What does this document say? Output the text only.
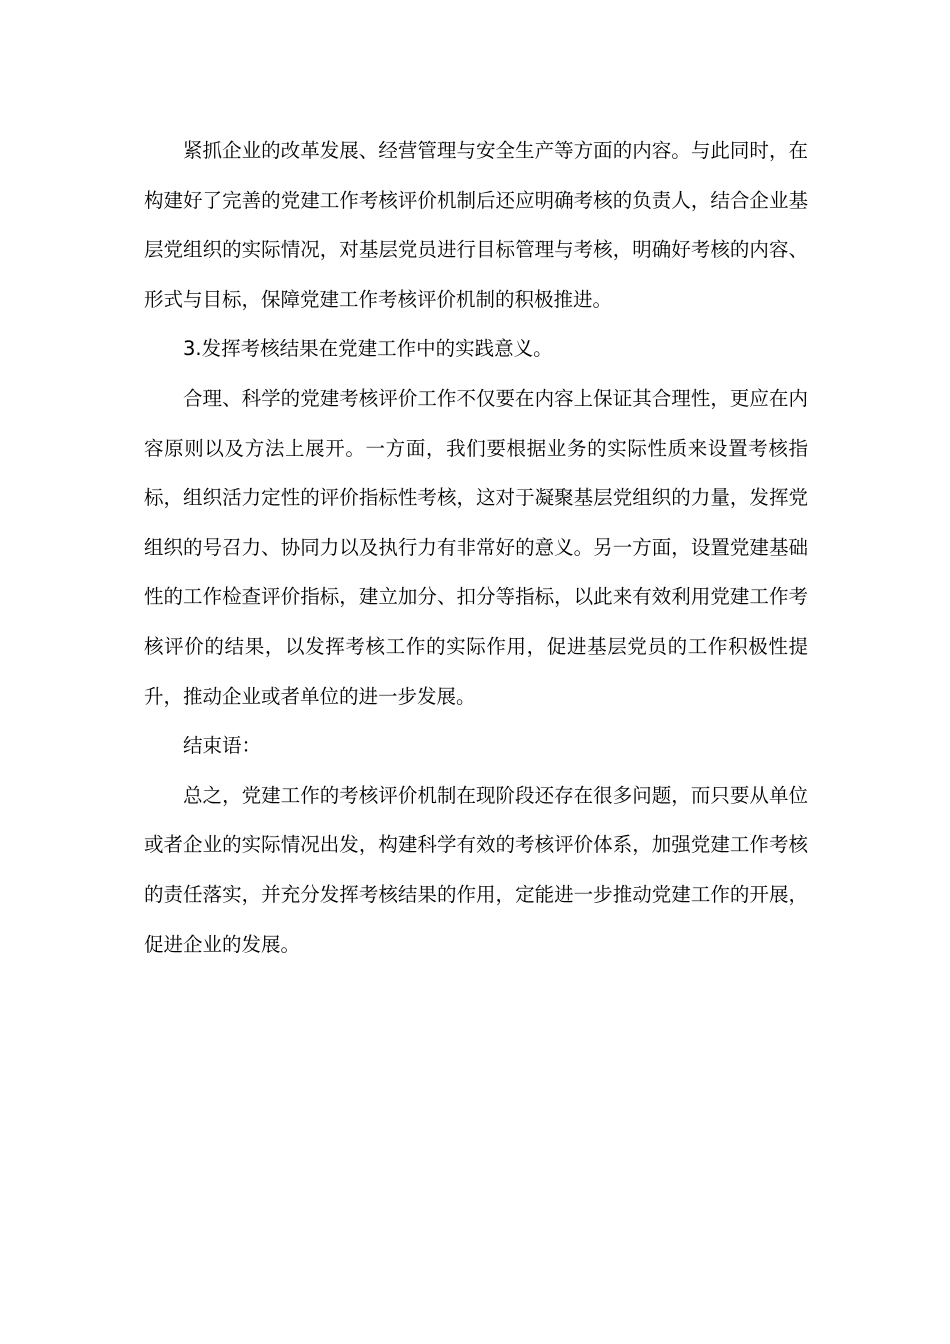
紧抓企业的改革发展、经营管理与安全生产等方面的内容。与此同时，在构建好了完善的党建工作考核评价机制后还应明确考核的负责人，结合企业基层党组织的实际情况，对基层党员进行目标管理与考核，明确好考核的内容、形式与目标，保障党建工作考核评价机制的积极推进。

3.发挥考核结果在党建工作中的实践意义。

合理、科学的党建考核评价工作不仅要在内容上保证其合理性，更应在内容原则以及方法上展开。一方面，我们要根据业务的实际性质来设置考核指标，组织活力定性的评价指标性考核，这对于凝聚基层党组织的力量，发挥党组织的号召力、协同力以及执行力有非常好的意义。另一方面，设置党建基础性的工作检查评价指标，建立加分、扣分等指标，以此来有效利用党建工作考核评价的结果，以发挥考核工作的实际作用，促进基层党员的工作积极性提升，推动企业或者单位的进一步发展。

结束语：

总之，党建工作的考核评价机制在现阶段还存在很多问题，而只要从单位或者企业的实际情况出发，构建科学有效的考核评价体系，加强党建工作考核的责任落实，并充分发挥考核结果的作用，定能进一步推动党建工作的开展，促进企业的发展。
